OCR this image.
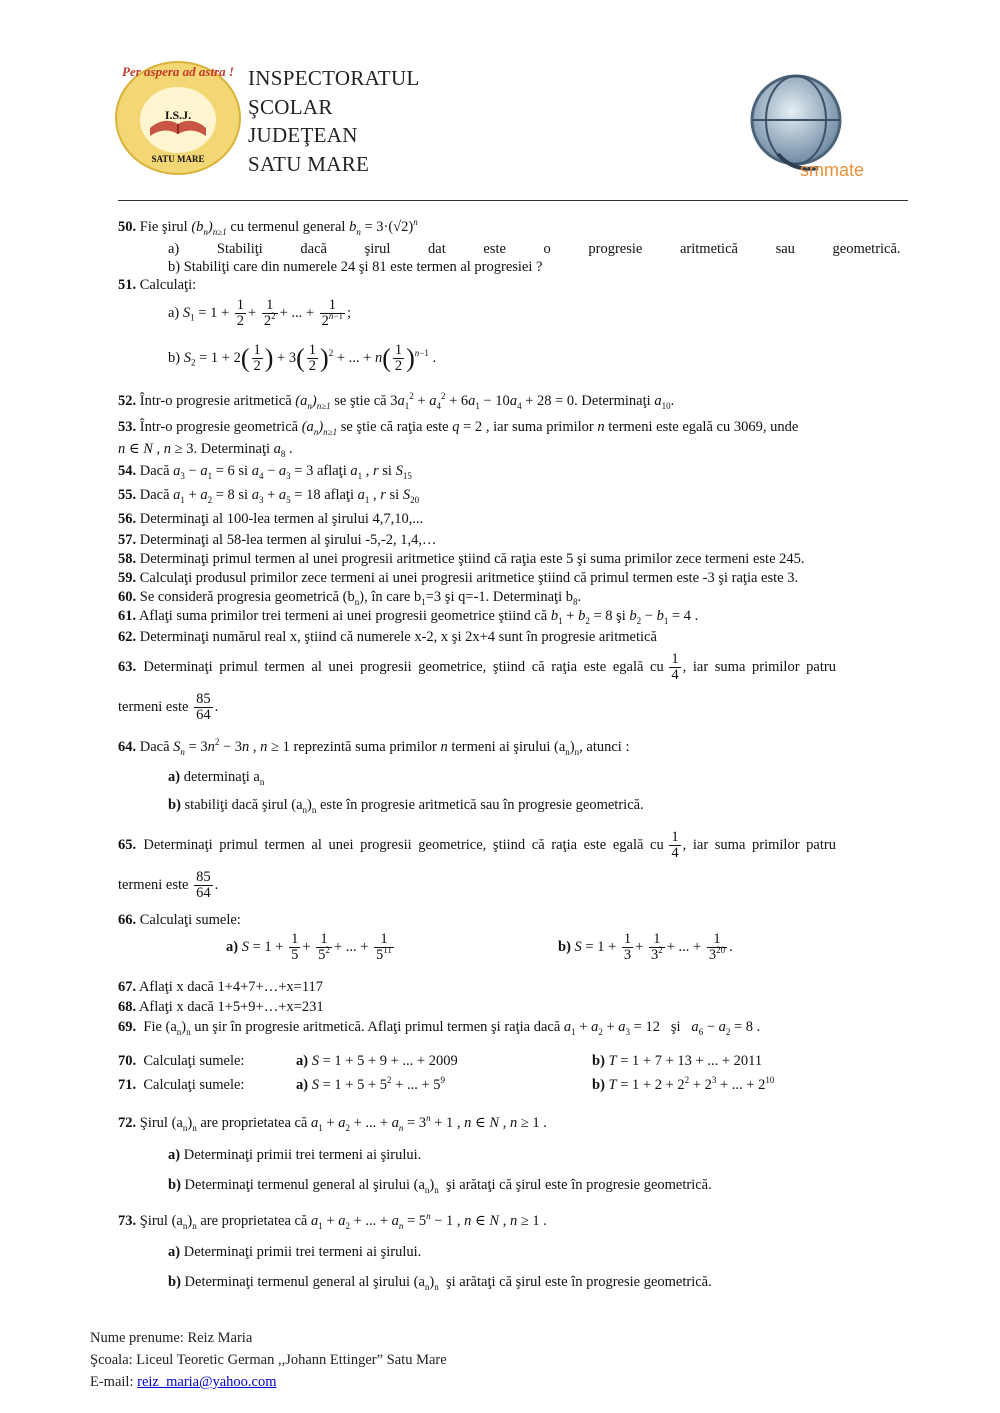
Per aspera ad astra !
I.S.J.
SATU MARE
INSPECTORATUL
ŞCOLAR
JUDEŢEAN
SATU MARE	smmate
50. Fie şirul $(b_n)_{n\ge 1}$ cu termenul general $b_n = 3\cdot(√2)^n$
a) Stabiliţi dacă şirul dat este o progresie aritmetică sau geometrică.
b) Stabiliţi care din numerele 24 şi 81 este termen al progresiei ?
51. Calculaţi:
a) $S_1 = 1 + \frac{1}{2} + \frac{1}{2^2}$ + ... + $\frac{1}{2^{n-1}}$ ;
b) $S_2 = 1 + 2( \frac{1}{2}$ ) + $3( \frac{1}{2} )^2$ + ... + $n( \frac{1}{2} )^{n-1}$ .
52. Într-o progresie aritmetică $(a_n)_{n\ge 1}$ se ştie că $3a_1^2 + a_4^2 + 6a_1 - 10a_4 + 28 = 0$. Determinaţi $a_{10}$.
53. Într-o progresie geometrică $(a_n)_{n\ge 1}$ se ştie că raţia este q = 2 , iar suma primilor n termeni este egală cu 3069, unde
n ∈ N , n ≥ 3. Determinaţi $a_8$ .
54. Dacă $a_3 - a_1 = 6$ si $a_4 - a_3 = 3$ aflaţi $a_1$ , r si $S_{15}$
55. Dacă $a_1 + a_2 = 8$ si $a_3 + a_5 = 18$ aflaţi $a_1$ , r si $S_{20}$
56. Determinaţi al 100-lea termen al şirului 4,7,10,...
57. Determinaţi al 58-lea termen al şirului -5,-2, 1,4,…
58. Determinaţi primul termen al unei progresii aritmetice ştiind că raţia este 5 şi suma primilor zece termeni este 245.
59. Calculaţi produsul primilor zece termeni ai unei progresii aritmetice ştiind că primul termen este -3 şi raţia este 3.
60. Se consideră progresia geometrică $(b_n)$, în care $b_1=3$ şi q=-1. Determinaţi $b_8$.
61. Aflaţi suma primilor trei termeni ai unei progresii geometrice ştiind că $b_1 + b_2 = 8$ şi $b_2 - b_1 = 4$ .
62. Determinaţi numărul real x, ştiind că numerele x-2, x şi 2x+4 sunt în progresie aritmetică
63. Determinaţi primul termen al unei progresii geometrice, ştiind că raţia este egală cu $\frac{1}{4}$ , iar suma primilor patru
termeni este $\frac{85}{64}$ .
64. Dacă $S_n = 3n^2 - 3n$ , n ≥ 1 reprezintă suma primilor n termeni ai şirului $(a_n)_n$, atunci :
a) determinaţi $a_n$
b) stabiliţi dacă şirul $(a_n)_n$ este în progresie aritmetică sau în progresie geometrică.
65. Determinaţi primul termen al unei progresii geometrice, ştiind că raţia este egală cu $\frac{1}{4}$ , iar suma primilor patru
termeni este $\frac{85}{64}$ .
66. Calculaţi sumele:
a) $S = 1 + \frac{1}{5} + \frac{1}{5^2}$ + ... + $\frac{1}{5^{11}}$	b) $S = 1 + \frac{1}{3} + \frac{1}{3^2}$ + ... + $\frac{1}{3^{20}}$ .
67. Aflaţi x dacă 1+4+7+…+x=117
68. Aflaţi x dacă 1+5+9+…+x=231
69. Fie $(a_n)_n$ un şir în progresie aritmetică. Aflaţi primul termen şi raţia dacă $a_1 + a_2 + a_3 = 12$   şi $a_6 - a_2 = 8$ .
70. Calculaţi sumele:	a) S = 1 + 5 + 9 + ... + 2009	b) T = 1 + 7 + 13 + ... + 2011
71. Calculaţi sumele:	a) $S = 1 + 5 + 5^2$ + ... + $5^9$	b) $T = 1 + 2 + 2^2 + 2^3$ + ... + $2^{10}$
72. Şirul $(a_n)_n$ are proprietatea că $a_1 + a_2$ + ... + $a_n = 3^n + 1$ , n ∈ N , n ≥ 1 .
a) Determinaţi primii trei termeni ai şirului.
b) Determinaţi termenul general al şirului $(a_n)_n$ şi arătaţi că şirul este în progresie geometrică.
73. Şirul $(a_n)_n$ are proprietatea că $a_1 + a_2$ + ... + $a_n = 5^n - 1$ , n ∈ N , n ≥ 1 .
a) Determinaţi primii trei termeni ai şirului.
b) Determinaţi termenul general al şirului $(a_n)_n$ şi arătaţi că şirul este în progresie geometrică.
Nume prenume: Reiz Maria
Şcoala: Liceul Teoretic German ,,Johann Ettinger” Satu Mare
E-mail: reiz_maria@yahoo.com
